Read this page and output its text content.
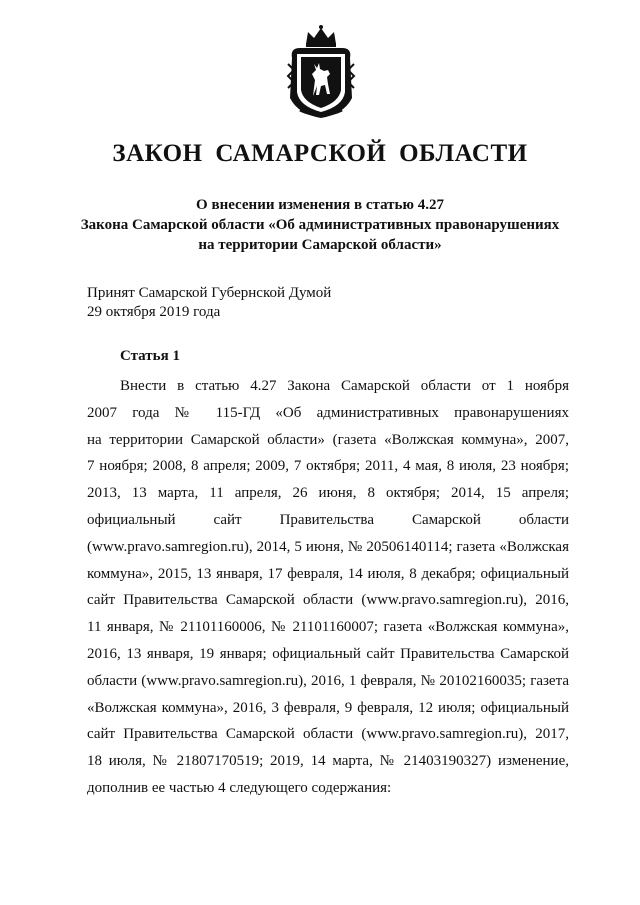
ЗАКОН САМАРСКОЙ ОБЛАСТИ
О внесении изменения в статью 4.27
Закона Самарской области «Об административных правонарушениях
на территории Самарской области»
Принят Самарской Губернской Думой
29 октября 2019 года
Статья 1
Внести в статью 4.27 Закона Самарской области от 1 ноября
2007 года № 115-ГД «Об административных правонарушениях
на территории Самарской области» (газета «Волжская коммуна», 2007,
7 ноября; 2008, 8 апреля; 2009, 7 октября; 2011, 4 мая, 8 июля, 23 ноября;
2013, 13 марта, 11 апреля, 26 июня, 8 октября; 2014, 15 апреля;
официальный сайт Правительства Самарской области
(www.pravo.samregion.ru), 2014, 5 июня, № 20506140114; газета «Волжская
коммуна», 2015, 13 января, 17 февраля, 14 июля, 8 декабря; официальный
сайт Правительства Самарской области (www.pravo.samregion.ru), 2016,
11 января, № 21101160006, № 21101160007; газета «Волжская коммуна»,
2016, 13 января, 19 января; официальный сайт Правительства Самарской
области (www.pravo.samregion.ru), 2016, 1 февраля, № 20102160035; газета
«Волжская коммуна», 2016, 3 февраля, 9 февраля, 12 июля; официальный
сайт Правительства Самарской области (www.pravo.samregion.ru), 2017,
18 июля, № 21807170519; 2019, 14 марта, № 21403190327) изменение,
дополнив ее частью 4 следующего содержания:
